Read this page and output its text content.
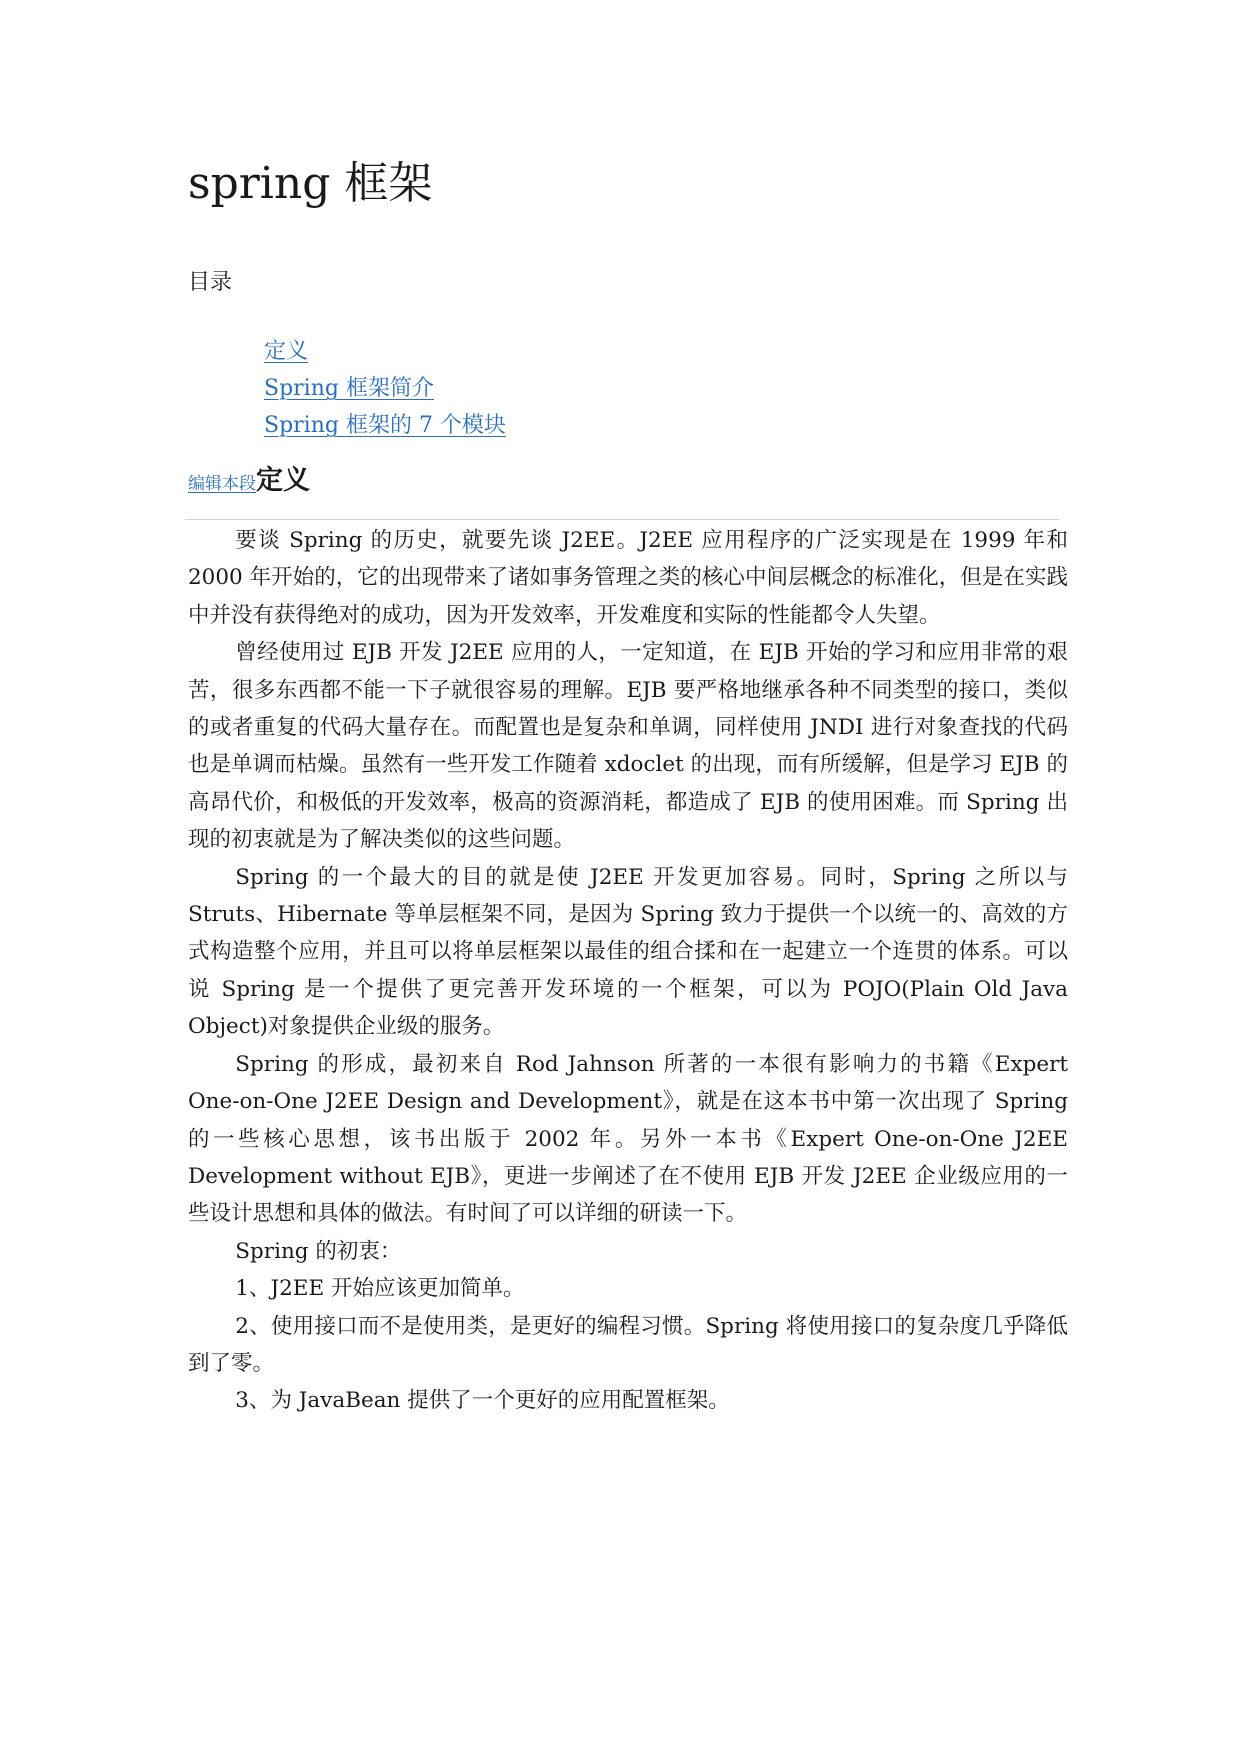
spring 框架
目录
定义
Spring 框架简介
Spring 框架的 7 个模块
编辑本段定义

要谈 Spring 的历史，就要先谈 J2EE。J2EE 应用程序的广泛实现是在 1999 年和 2000 年开始的，它的出现带来了诸如事务管理之类的核心中间层概念的标准化，但是在实践中并没有获得绝对的成功，因为开发效率，开发难度和实际的性能都令人失望。

曾经使用过 EJB 开发 J2EE 应用的人，一定知道，在 EJB 开始的学习和应用非常的艰苦，很多东西都不能一下子就很容易的理解。EJB 要严格地继承各种不同类型的接口，类似的或者重复的代码大量存在。而配置也是复杂和单调，同样使用 JNDI 进行对象查找的代码也是单调而枯燥。虽然有一些开发工作随着 xdoclet 的出现，而有所缓解，但是学习 EJB 的高昂代价，和极低的开发效率，极高的资源消耗，都造成了 EJB 的使用困难。而 Spring 出现的初衷就是为了解决类似的这些问题。

Spring 的一个最大的目的就是使 J2EE 开发更加容易。同时，Spring 之所以与 Struts、Hibernate 等单层框架不同，是因为 Spring 致力于提供一个以统一的、高效的方式构造整个应用，并且可以将单层框架以最佳的组合揉和在一起建立一个连贯的体系。可以说 Spring 是一个提供了更完善开发环境的一个框架，可以为 POJO(Plain Old Java Object)对象提供企业级的服务。

Spring 的形成，最初来自 Rod Jahnson 所著的一本很有影响力的书籍《Expert One-on-One J2EE Design and Development》，就是在这本书中第一次出现了 Spring 的一些核心思想，该书出版于 2002 年。另外一本书《Expert One-on-One J2EE Development without EJB》，更进一步阐述了在不使用 EJB 开发 J2EE 企业级应用的一些设计思想和具体的做法。有时间了可以详细的研读一下。

Spring 的初衷：

1、J2EE 开始应该更加简单。

2、使用接口而不是使用类，是更好的编程习惯。Spring 将使用接口的复杂度几乎降低到了零。

3、为 JavaBean 提供了一个更好的应用配置框架。
